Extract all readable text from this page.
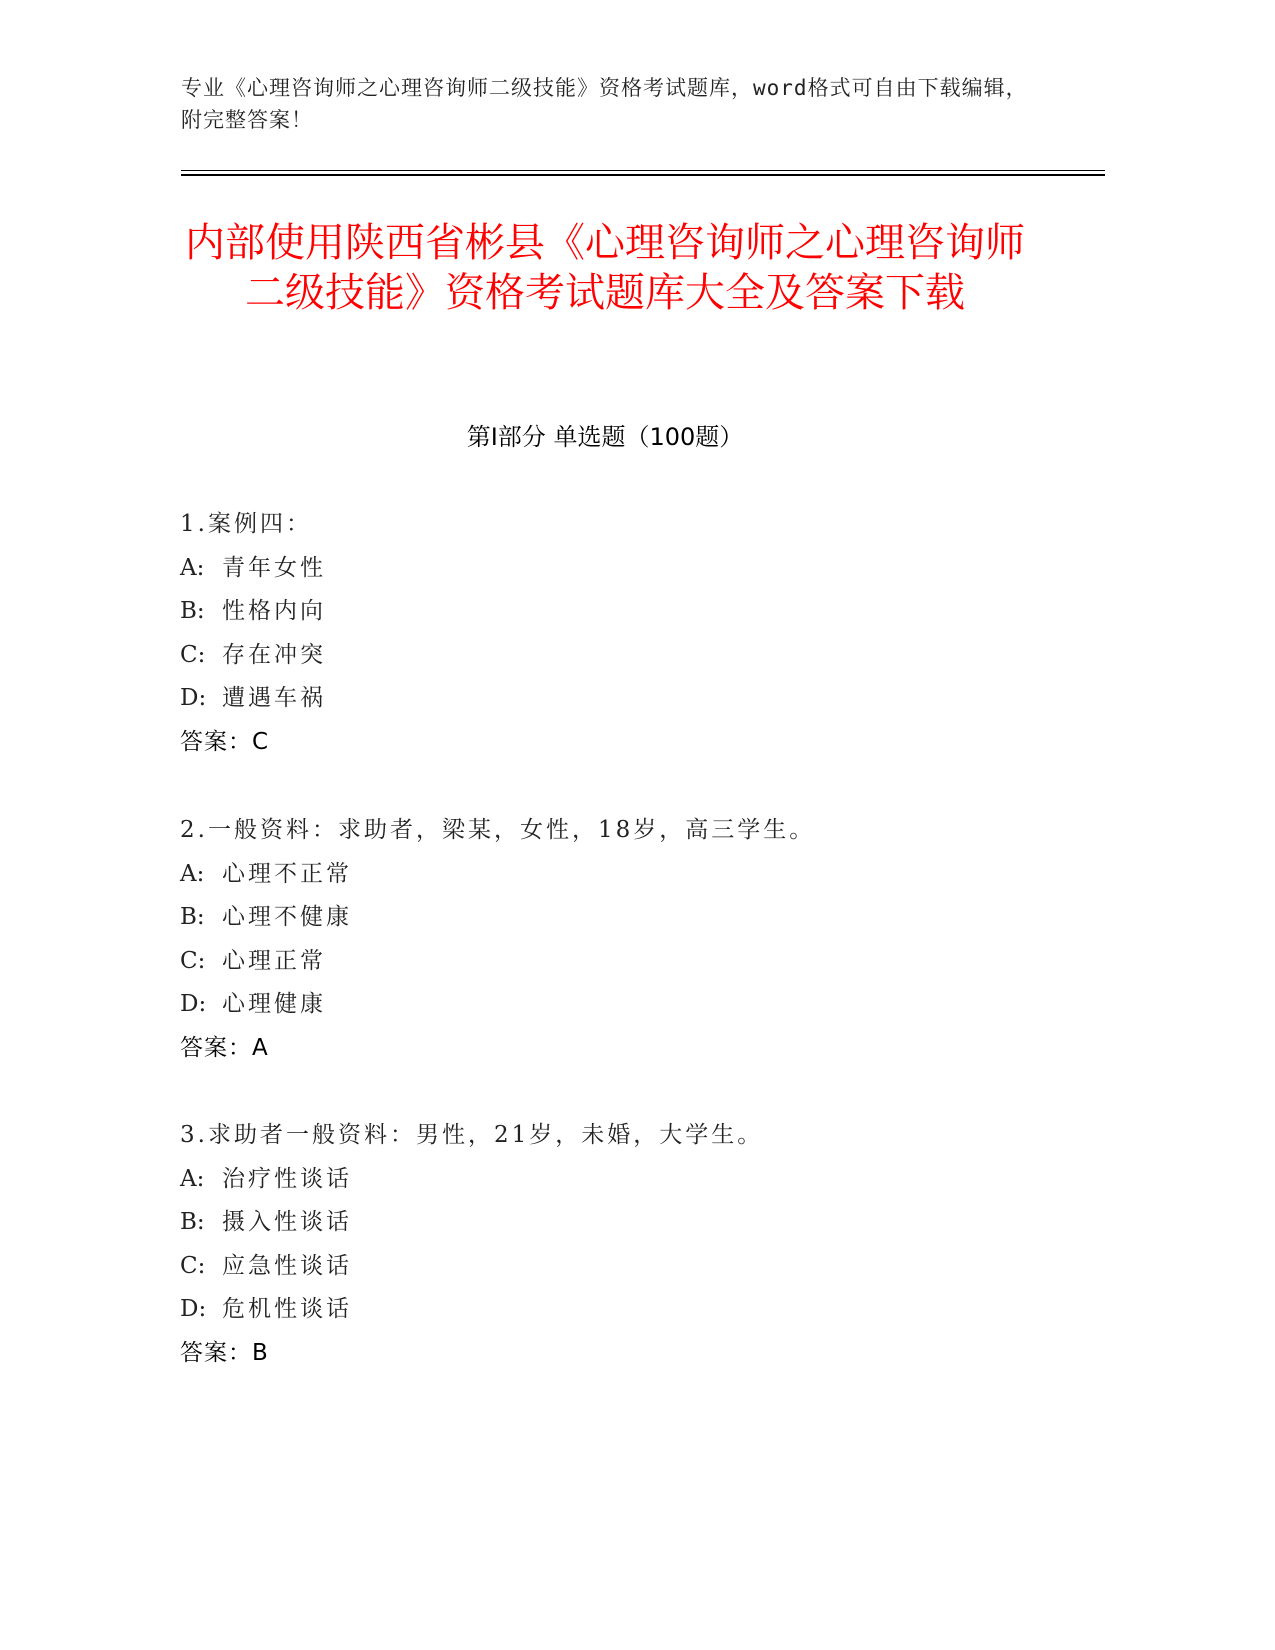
专业《心理咨询师之心理咨询师二级技能》资格考试题库，word格式可自由下载编辑，附完整答案！
内部使用陕西省彬县《心理咨询师之心理咨询师二级技能》资格考试题库大全及答案下载
第Ⅰ部分 单选题（100题）
1.案例四：
A: 青年女性
B: 性格内向
C: 存在冲突
D: 遭遇车祸
答案：C
2.一般资料：求助者，梁某，女性，18岁，高三学生。
A: 心理不正常
B: 心理不健康
C: 心理正常
D: 心理健康
答案：A
3.求助者一般资料：男性，21岁，未婚，大学生。
A: 治疗性谈话
B: 摄入性谈话
C: 应急性谈话
D: 危机性谈话
答案：B
